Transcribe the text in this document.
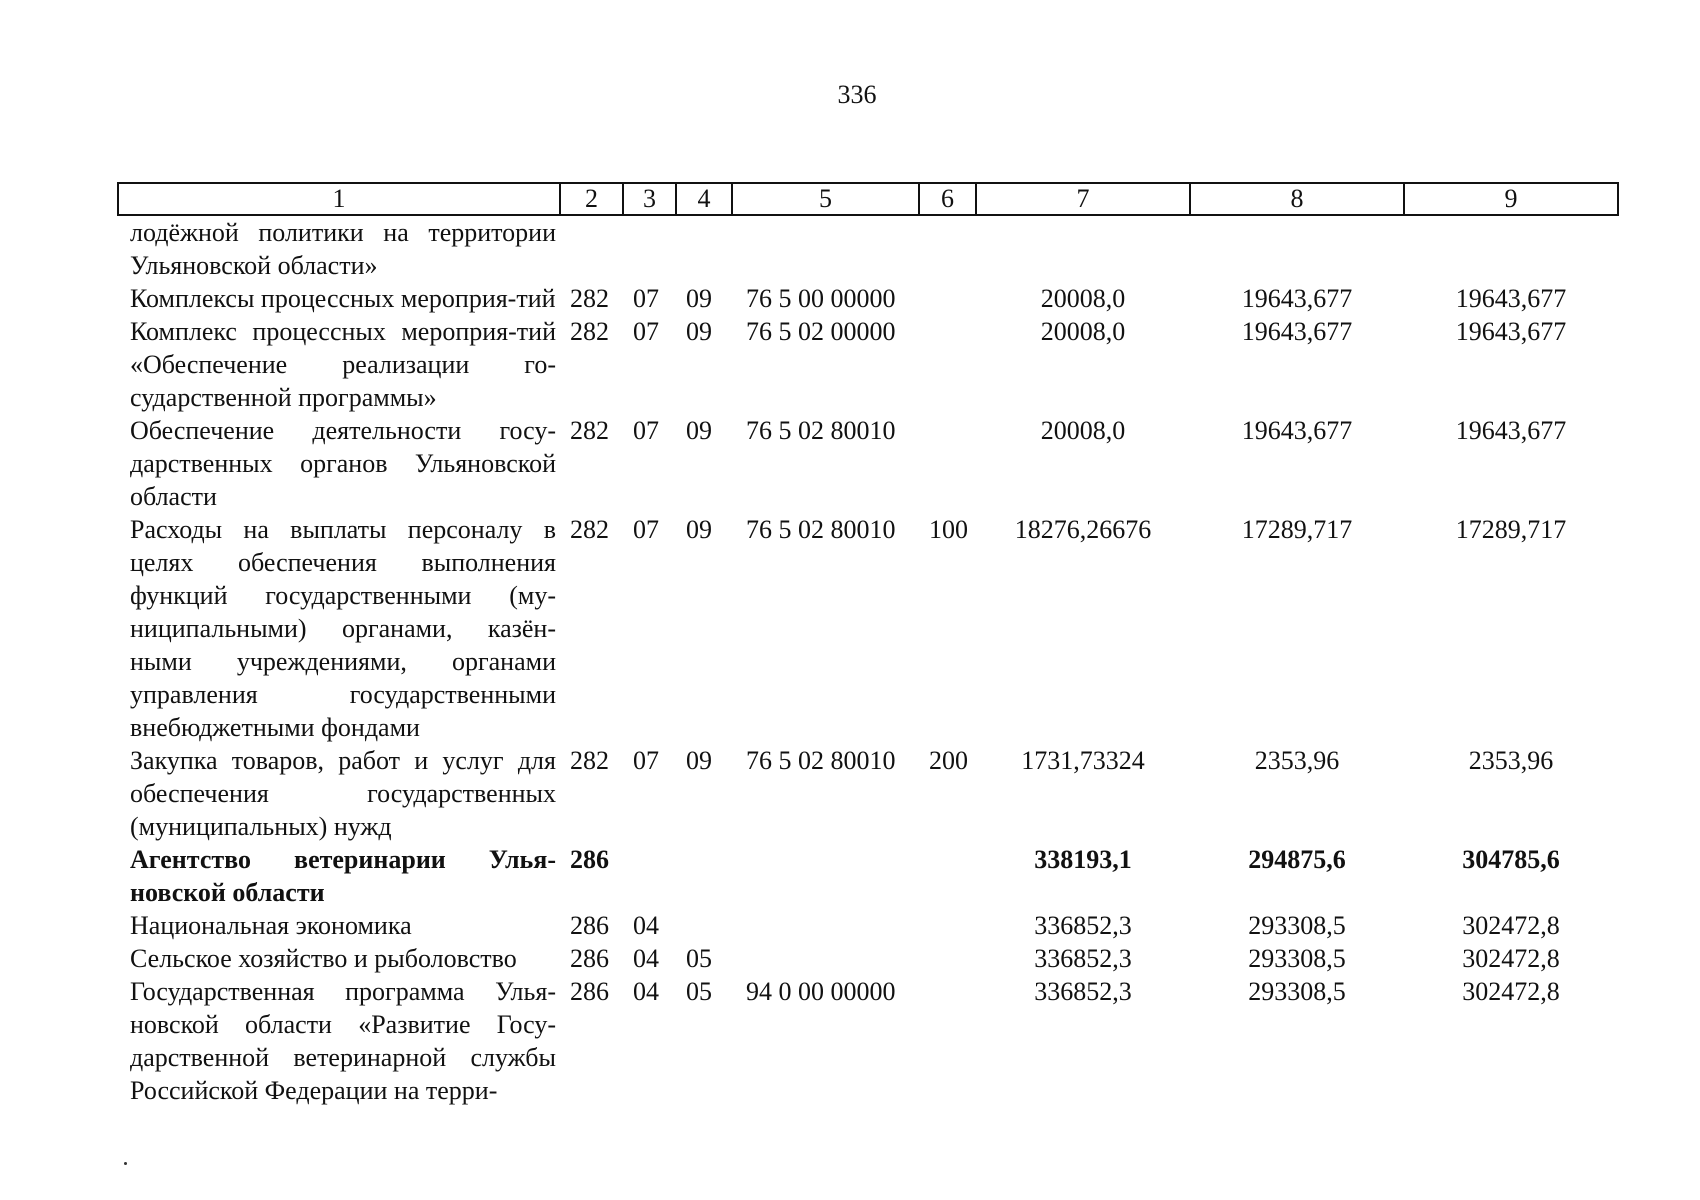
336
1	2	3	4	5	6	7	8	9
лодёжной политики на территории Ульяновской области»								
Комплексы процессных мероприя-тий	282	07	09	76 5 00 00000		20008,0	19643,677	19643,677
Комплекс процессных мероприя-тий «Обеспечение реализации го-сударственной программы»	282	07	09	76 5 02 00000		20008,0	19643,677	19643,677
Обеспечение деятельности госу-дарственных органов Ульяновской области	282	07	09	76 5 02 80010		20008,0	19643,677	19643,677
Расходы на выплаты персоналу в целях обеспечения выполнения функций государственными (му-ниципальными) органами, казён-ными учреждениями, органами управления государственными внебюджетными фондами	282	07	09	76 5 02 80010	100	18276,26676	17289,717	17289,717
Закупка товаров, работ и услуг для обеспечения государственных (муниципальных) нужд	282	07	09	76 5 02 80010	200	1731,73324	2353,96	2353,96
Агентство ветеринарии Улья-новской области	286					338193,1	294875,6	304785,6
Национальная экономика	286	04				336852,3	293308,5	302472,8
Сельское хозяйство и рыболовство	286	04	05			336852,3	293308,5	302472,8
Государственная программа Улья-новской области «Развитие Госу-дарственной ветеринарной службы Российской Федерации на терри-	286	04	05	94 0 00 00000		336852,3	293308,5	302472,8
